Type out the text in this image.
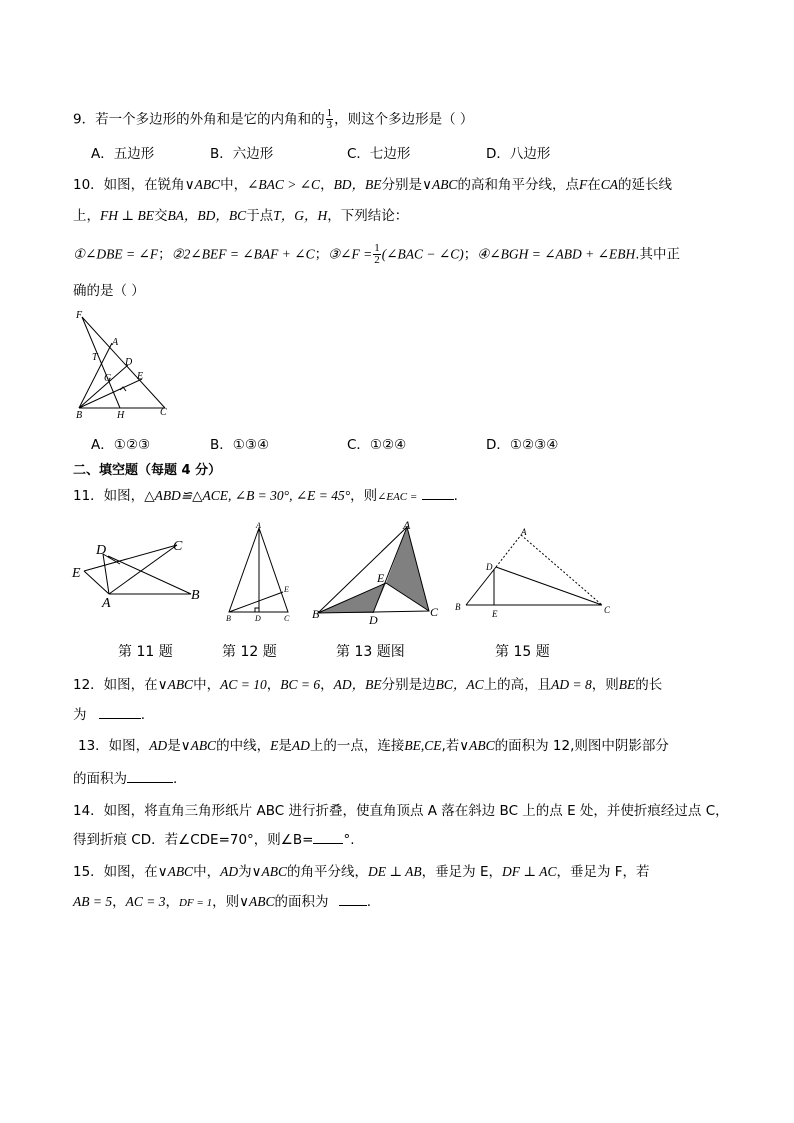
9．若一个多边形的外角和是它的内角和的 $\frac{1}{3}$ ，则这个多边形是（ ）
A．五边形	B．六边形	C．七边形	D．八边形
10．如图，在锐角∨ABC中，∠BAC > ∠C，BD，BE分别是∨ABC的高和角平分线，点F在CA的延长线
上，FH ⊥ BE交BA，BD，BC于点T，G，H，下列结论：
①∠DBE = ∠F；②2∠BEF = ∠BAF + ∠C；③∠F = $\frac{1}{2}$ (∠BAC − ∠C)；④∠BGH = ∠ABD + ∠EBH.其中正
确的是（ ）
F
A
T	D
G	E
B	H	C
A．①②③	B．①③④	C．①②④	D．①②③④
二、填空题（每题 4 分）
11．如图，△ABD≌△ACE, ∠B = 30°, ∠E = 45°，则∠EAC =	.
D	C
E
A
B
A
E
B	D	C
A
E
B	D
C
A
D
B
E	C
第 11 题	第 12 题	第 13 题图	第 15 题
12．如图，在∨ABC中，AC = 10，BC = 6，AD，BE分别是边BC，AC上的高，且AD = 8，则BE的长
为	.
13．如图，AD是∨ABC的中线，E是AD上的一点，连接BE,CE,若∨ABC的面积为 12,则图中阴影部分
的面积为	.
14．如图，将直角三角形纸片 ABC 进行折叠，使直角顶点 A 落在斜边 BC 上的点 E 处，并使折痕经过点 C，
得到折痕 CD．若∠CDE=70°，则∠B= °.
15．如图，在∨ABC中，AD为∨ABC的角平分线，DE ⊥ AB，垂足为 E，DF ⊥ AC，垂足为 F，若
AB = 5，AC = 3，DF = 1，则∨ABC的面积为	.
